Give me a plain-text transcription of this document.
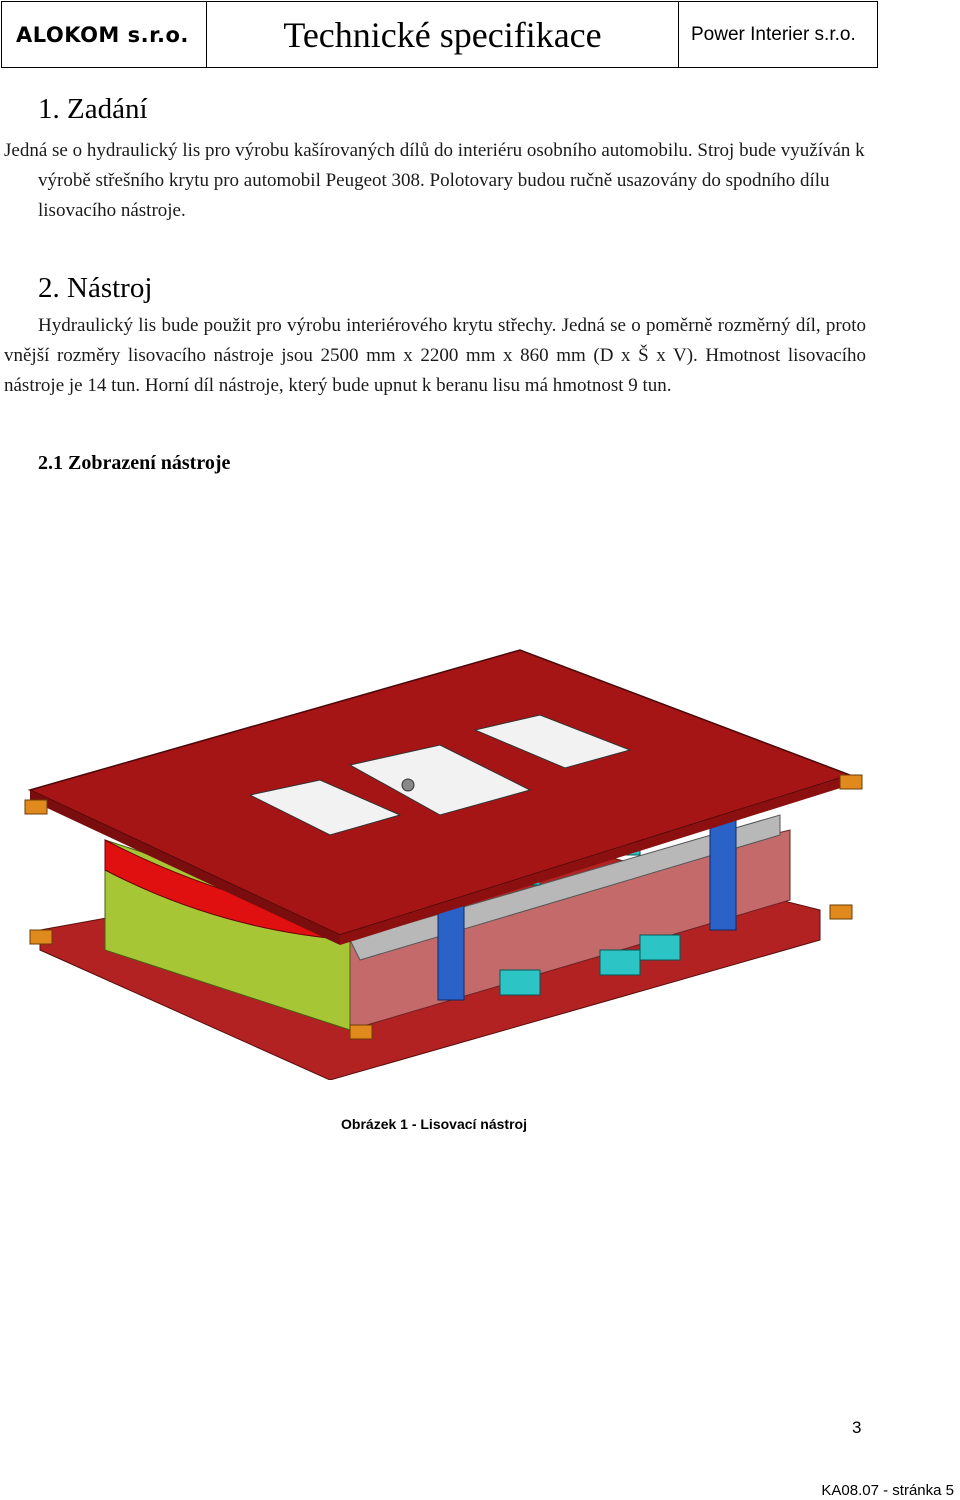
ALOKOM s.r.o.	Technické specifikace	Power Interier s.r.o.
1. Zadání

Jedná se o hydraulický lis pro výrobu kašírovaných dílů do interiéru osobního automobilu. Stroj bude využíván k výrobě střešního krytu pro automobil Peugeot 308. Polotovary budou ručně usazovány do spodního dílu lisovacího nástroje.

2. Nástroj

Hydraulický lis bude použit pro výrobu interiérového krytu střechy. Jedná se o poměrně rozměrný díl, proto vnější rozměry lisovacího nástroje jsou 2500 mm x 2200 mm x 860 mm (D x Š x V). Hmotnost lisovacího nástroje je 14 tun. Horní díl nástroje, který bude upnut k beranu lisu má hmotnost 9 tun.

2.1 Zobrazení nástroje
Obrázek 1 - Lisovací nástroj
3
KA08.07 - stránka 5
